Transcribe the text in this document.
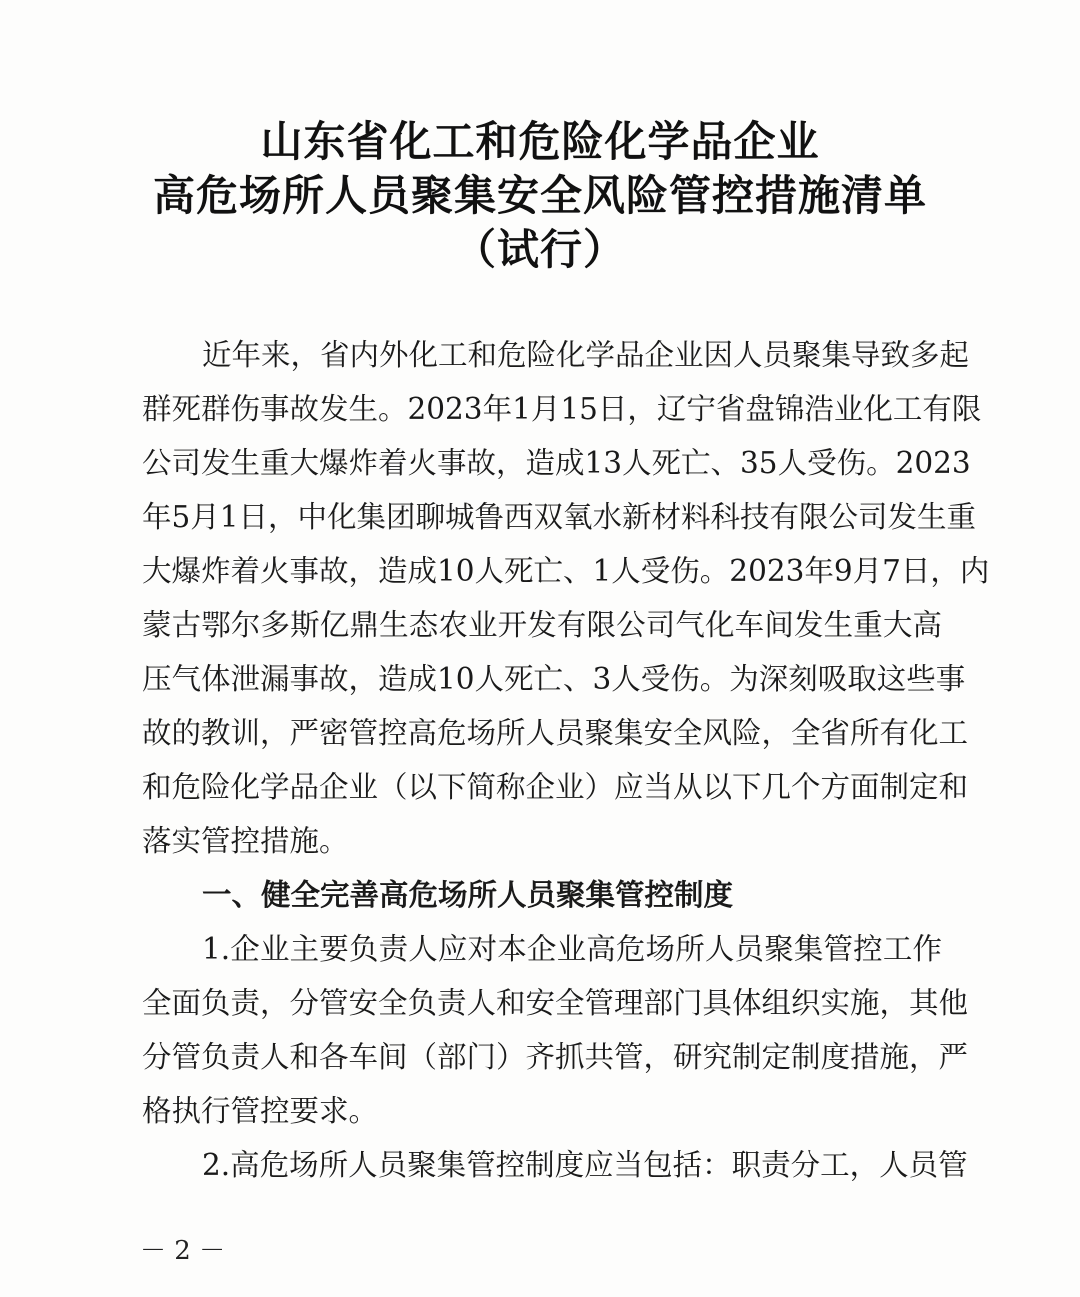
山东省化工和危险化学品企业
高危场所人员聚集安全风险管控措施清单
（试行）
近年来，省内外化工和危险化学品企业因人员聚集导致多起
群死群伤事故发生。2023年1月15日，辽宁省盘锦浩业化工有限
公司发生重大爆炸着火事故，造成13人死亡、35人受伤。2023
年5月1日，中化集团聊城鲁西双氧水新材料科技有限公司发生重
大爆炸着火事故，造成10人死亡、1人受伤。2023年9月7日，内
蒙古鄂尔多斯亿鼎生态农业开发有限公司气化车间发生重大高
压气体泄漏事故，造成10人死亡、3人受伤。为深刻吸取这些事
故的教训，严密管控高危场所人员聚集安全风险，全省所有化工
和危险化学品企业（以下简称企业）应当从以下几个方面制定和
落实管控措施。
一、健全完善高危场所人员聚集管控制度
1.企业主要负责人应对本企业高危场所人员聚集管控工作
全面负责，分管安全负责人和安全管理部门具体组织实施，其他
分管负责人和各车间（部门）齐抓共管，研究制定制度措施，严
格执行管控要求。
2.高危场所人员聚集管控制度应当包括：职责分工，人员管
－ 2 －
